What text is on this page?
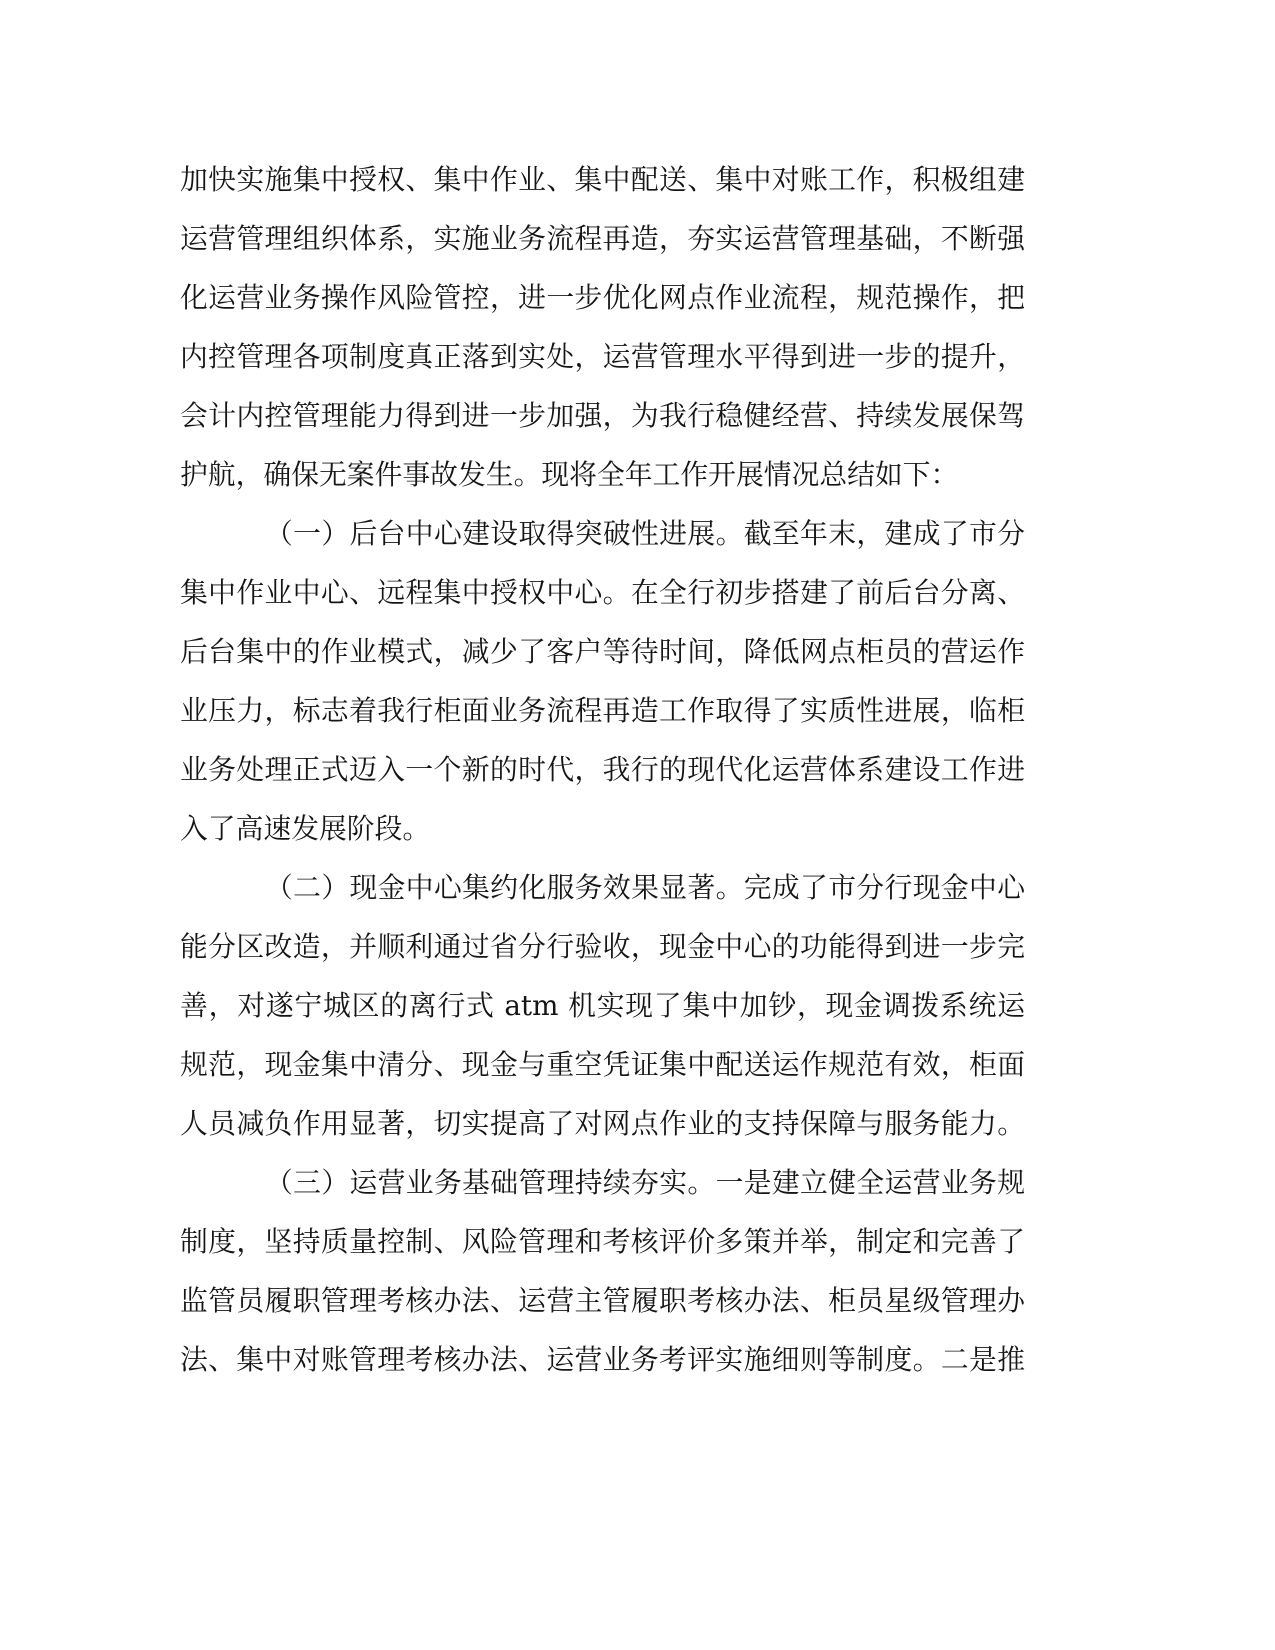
加快实施集中授权、集中作业、集中配送、集中对账工作，积极组建
运营管理组织体系，实施业务流程再造，夯实运营管理基础，不断强
化运营业务操作风险管控，进一步优化网点作业流程，规范操作，把
内控管理各项制度真正落到实处，运营管理水平得到进一步的提升，
会计内控管理能力得到进一步加强，为我行稳健经营、持续发展保驾
护航，确保无案件事故发生。现将全年工作开展情况总结如下：
（一）后台中心建设取得突破性进展。截至年末，建成了市分
集中作业中心、远程集中授权中心。在全行初步搭建了前后台分离、
后台集中的作业模式，减少了客户等待时间，降低网点柜员的营运作
业压力，标志着我行柜面业务流程再造工作取得了实质性进展，临柜
业务处理正式迈入一个新的时代，我行的现代化运营体系建设工作进
入了高速发展阶段。
（二）现金中心集约化服务效果显著。完成了市分行现金中心
能分区改造，并顺利通过省分行验收，现金中心的功能得到进一步完
善，对遂宁城区的离行式 atm 机实现了集中加钞，现金调拨系统运
规范，现金集中清分、现金与重空凭证集中配送运作规范有效，柜面
人员减负作用显著，切实提高了对网点作业的支持保障与服务能力。
（三）运营业务基础管理持续夯实。一是建立健全运营业务规
制度，坚持质量控制、风险管理和考核评价多策并举，制定和完善了
监管员履职管理考核办法、运营主管履职考核办法、柜员星级管理办
法、集中对账管理考核办法、运营业务考评实施细则等制度。二是推
